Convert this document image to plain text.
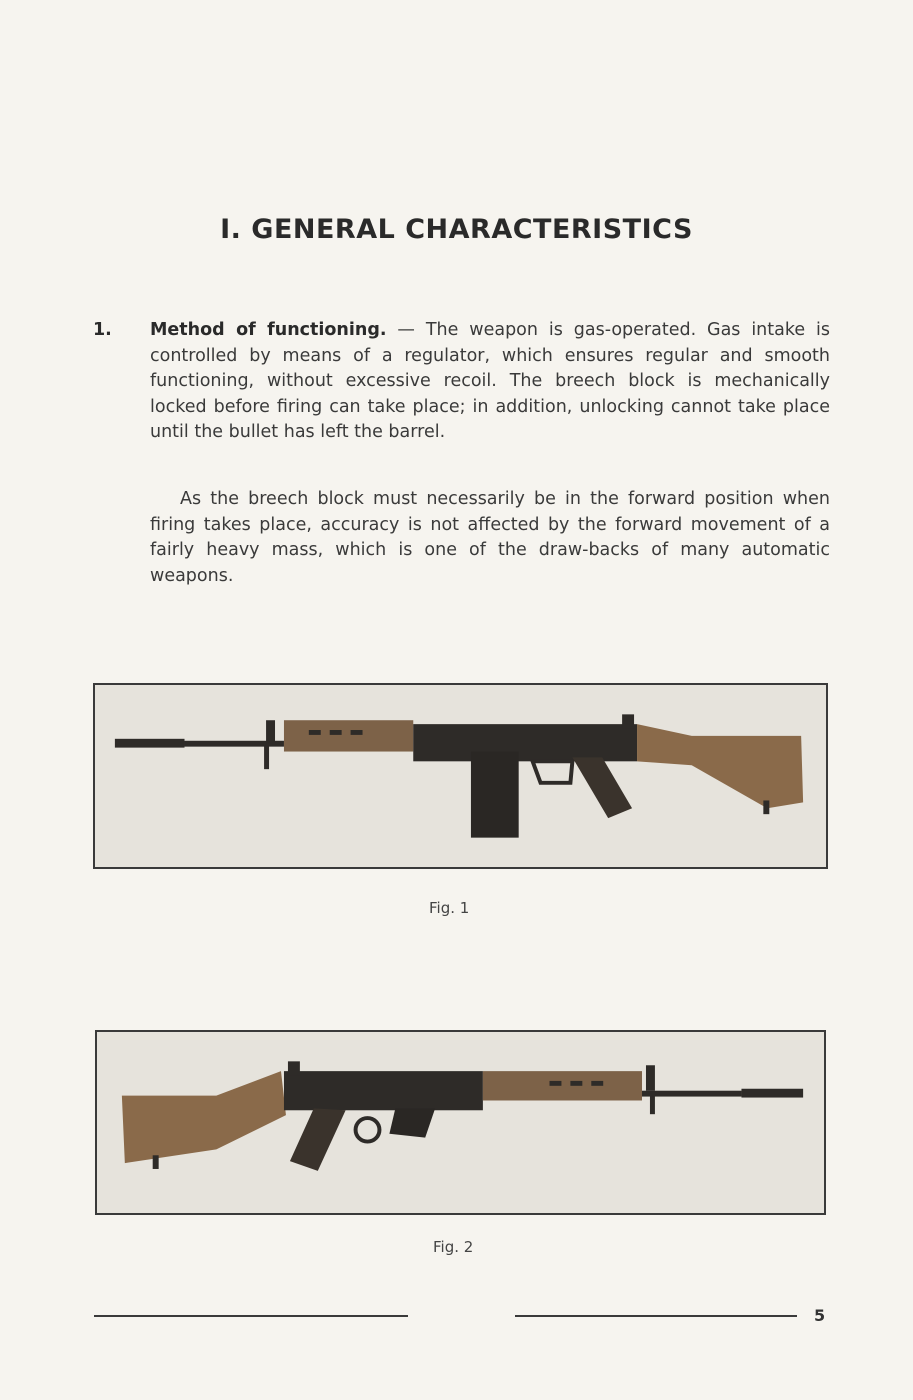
I. GENERAL CHARACTERISTICS
1. Method of functioning. — The weapon is gas-operated. Gas intake is controlled by means of a regulator, which ensures regular and smooth functioning, without excessive recoil. The breech block is mechanically locked before firing can take place; in addition, unlocking cannot take place until the bullet has left the barrel.
As the breech block must necessarily be in the forward position when firing takes place, accuracy is not affected by the forward movement of a fairly heavy mass, which is one of the draw-backs of many automatic weapons.
Fig. 1
Fig. 2
5
